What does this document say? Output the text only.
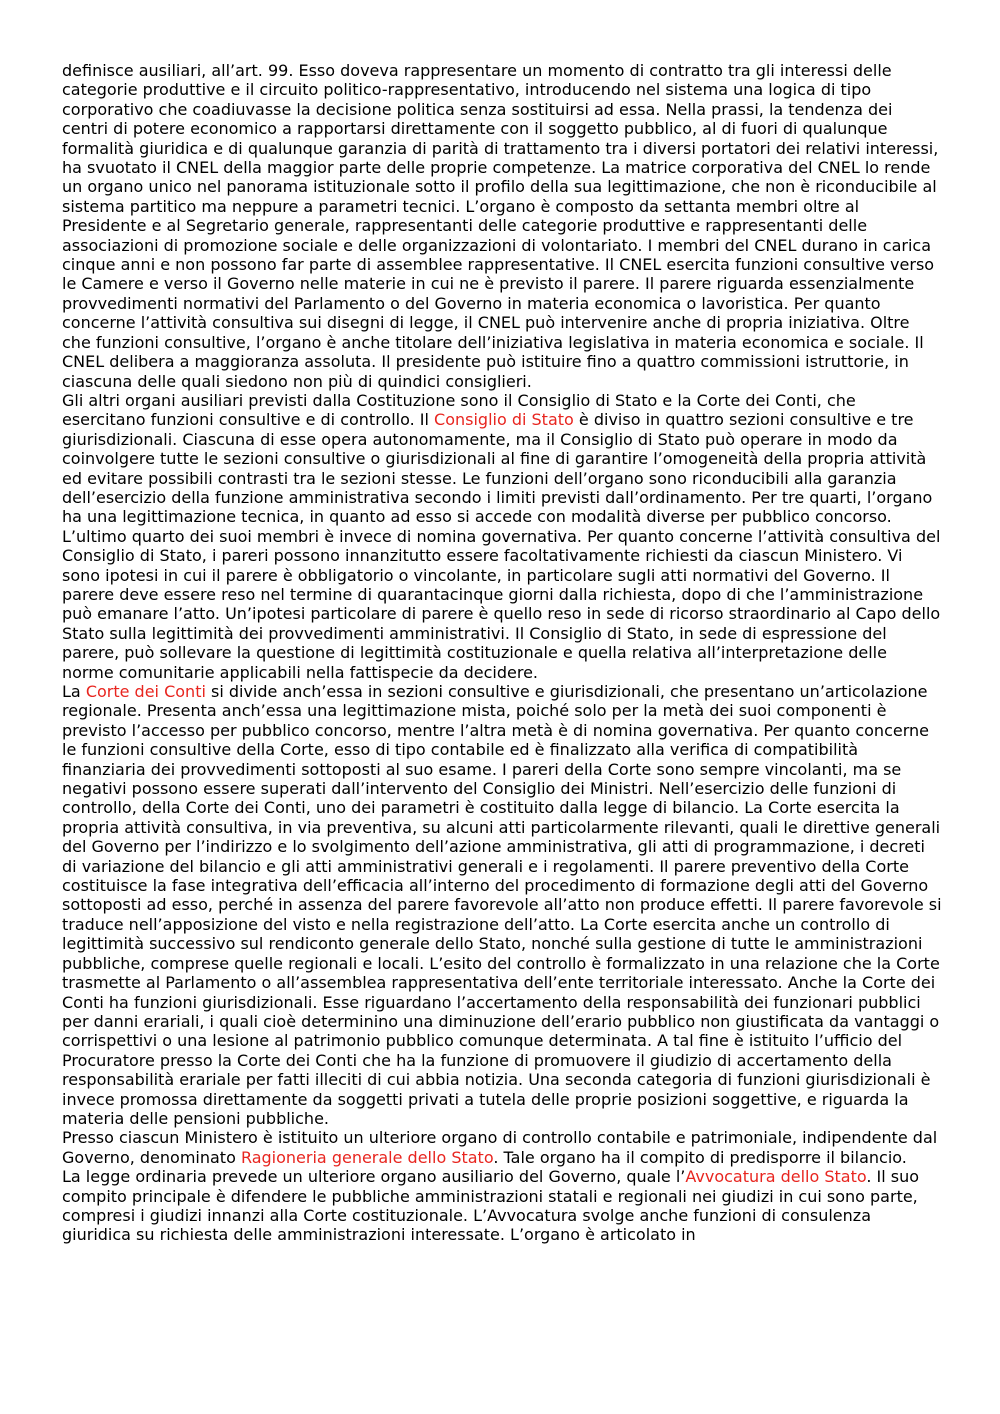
definisce ausiliari, all’art. 99. Esso doveva rappresentare un momento di contratto tra gli interessi delle categorie produttive e il circuito politico-rappresentativo, introducendo nel sistema una logica di tipo corporativo che coadiuvasse la decisione politica senza sostituirsi ad essa. Nella prassi, la tendenza dei centri di potere economico a rapportarsi direttamente con il soggetto pubblico, al di fuori di qualunque formalità giuridica e di qualunque garanzia di parità di trattamento tra i diversi portatori dei relativi interessi, ha svuotato il CNEL della maggior parte delle proprie competenze. La matrice corporativa del CNEL lo rende un organo unico nel panorama istituzionale sotto il profilo della sua legittimazione, che non è riconducibile al sistema partitico ma neppure a parametri tecnici. L’organo è composto da settanta membri oltre al Presidente e al Segretario generale, rappresentanti delle categorie produttive e rappresentanti delle associazioni di promozione sociale e delle organizzazioni di volontariato. I membri del CNEL durano in carica cinque anni e non possono far parte di assemblee rappresentative. Il CNEL esercita funzioni consultive verso le Camere e verso il Governo nelle materie in cui ne è previsto il parere. Il parere riguarda essenzialmente provvedimenti normativi del Parlamento o del Governo in materia economica o lavoristica. Per quanto concerne l’attività consultiva sui disegni di legge, il CNEL può intervenire anche di propria iniziativa. Oltre che funzioni consultive, l’organo è anche titolare dell’iniziativa legislativa in materia economica e sociale. Il CNEL delibera a maggioranza assoluta. Il presidente può istituire fino a quattro commissioni istruttorie, in ciascuna delle quali siedono non più di quindici consiglieri.

Gli altri organi ausiliari previsti dalla Costituzione sono il Consiglio di Stato e la Corte dei Conti, che esercitano funzioni consultive e di controllo. Il Consiglio di Stato è diviso in quattro sezioni consultive e tre giurisdizionali. Ciascuna di esse opera autonomamente, ma il Consiglio di Stato può operare in modo da coinvolgere tutte le sezioni consultive o giurisdizionali al fine di garantire l’omogeneità della propria attività ed evitare possibili contrasti tra le sezioni stesse. Le funzioni dell’organo sono riconducibili alla garanzia dell’esercizio della funzione amministrativa secondo i limiti previsti dall’ordinamento. Per tre quarti, l’organo ha una legittimazione tecnica, in quanto ad esso si accede con modalità diverse per pubblico concorso. L’ultimo quarto dei suoi membri è invece di nomina governativa. Per quanto concerne l’attività consultiva del Consiglio di Stato, i pareri possono innanzitutto essere facoltativamente richiesti da ciascun Ministero. Vi sono ipotesi in cui il parere è obbligatorio o vincolante, in particolare sugli atti normativi del Governo. Il parere deve essere reso nel termine di quarantacinque giorni dalla richiesta, dopo di che l’amministrazione può emanare l’atto. Un’ipotesi particolare di parere è quello reso in sede di ricorso straordinario al Capo dello Stato sulla legittimità dei provvedimenti amministrativi. Il Consiglio di Stato, in sede di espressione del parere, può sollevare la questione di legittimità costituzionale e quella relativa all’interpretazione delle norme comunitarie applicabili nella fattispecie da decidere.

La Corte dei Conti si divide anch’essa in sezioni consultive e giurisdizionali, che presentano un’articolazione regionale. Presenta anch’essa una legittimazione mista, poiché solo per la metà dei suoi componenti è previsto l’accesso per pubblico concorso, mentre l’altra metà è di nomina governativa. Per quanto concerne le funzioni consultive della Corte, esso di tipo contabile ed è finalizzato alla verifica di compatibilità finanziaria dei provvedimenti sottoposti al suo esame. I pareri della Corte sono sempre vincolanti, ma se negativi possono essere superati dall’intervento del Consiglio dei Ministri. Nell’esercizio delle funzioni di controllo, della Corte dei Conti, uno dei parametri è costituito dalla legge di bilancio. La Corte esercita la propria attività consultiva, in via preventiva, su alcuni atti particolarmente rilevanti, quali le direttive generali del Governo per l’indirizzo e lo svolgimento dell’azione amministrativa, gli atti di programmazione, i decreti di variazione del bilancio e gli atti amministrativi generali e i regolamenti. Il parere preventivo della Corte costituisce la fase integrativa dell’efficacia all’interno del procedimento di formazione degli atti del Governo sottoposti ad esso, perché in assenza del parere favorevole all’atto non produce effetti. Il parere favorevole si traduce nell’apposizione del visto e nella registrazione dell’atto. La Corte esercita anche un controllo di legittimità successivo sul rendiconto generale dello Stato, nonché sulla gestione di tutte le amministrazioni pubbliche, comprese quelle regionali e locali. L’esito del controllo è formalizzato in una relazione che la Corte trasmette al Parlamento o all’assemblea rappresentativa dell’ente territoriale interessato. Anche la Corte dei Conti ha funzioni giurisdizionali. Esse riguardano l’accertamento della responsabilità dei funzionari pubblici per danni erariali, i quali cioè determinino una diminuzione dell’erario pubblico non giustificata da vantaggi o corrispettivi o una lesione al patrimonio pubblico comunque determinata. A tal fine è istituito l’ufficio del Procuratore presso la Corte dei Conti che ha la funzione di promuovere il giudizio di accertamento della responsabilità erariale per fatti illeciti di cui abbia notizia. Una seconda categoria di funzioni giurisdizionali è invece promossa direttamente da soggetti privati a tutela delle proprie posizioni soggettive, e riguarda la materia delle pensioni pubbliche.

Presso ciascun Ministero è istituito un ulteriore organo di controllo contabile e patrimoniale, indipendente dal Governo, denominato Ragioneria generale dello Stato. Tale organo ha il compito di predisporre il bilancio.

La legge ordinaria prevede un ulteriore organo ausiliario del Governo, quale l’Avvocatura dello Stato. Il suo compito principale è difendere le pubbliche amministrazioni statali e regionali nei giudizi in cui sono parte, compresi i giudizi innanzi alla Corte costituzionale. L’Avvocatura svolge anche funzioni di consulenza giuridica su richiesta delle amministrazioni interessate. L’organo è articolato in
